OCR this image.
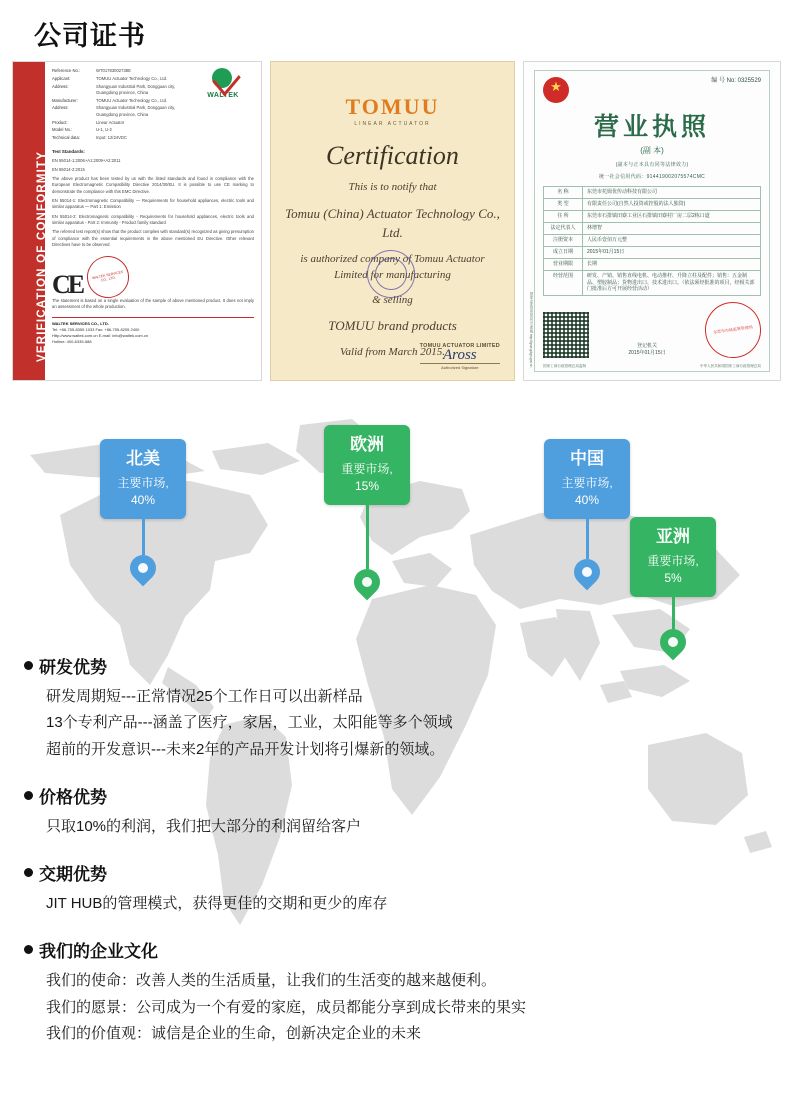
公司证书
VERIFICATION OF CONFORMITY
Reference No.:	WT01783002738E
Applicant:	TOMUU Actuator Technology Co., Ltd.
Address:	Shangyuan Industrial Park, Dongguan city, Guangdong province, China
Manufacturer:	TOMUU Actuator Technology Co., Ltd.
Address:	Shangyuan Industrial Park, Dongguan city, Guangdong province, China
Product:	Linear Actuator
Model No.:	U-1, U-2
Technical data:	Input: 12/24VDC
WALTEK
Test Standards:
EN 55014-1:2006+A1:2009+A2:2011
EN 55014-2:2015
The above product has been tested by us with the listed standards and found in compliance with the European Electromagnetic Compatibility Directive 2014/30/EU. It is possible to use CE marking to demonstrate the compliance with this EMC Directive.
EN 55014-1: Electromagnetic Compatibility — Requirements for household appliances, electric tools and similar apparatus — Part 1: Emission
EN 55014-2: Electromagnetic compatibility - Requirements for household appliances, electric tools and similar apparatus - Part 2: Immunity - Product family standard
The referred test report(s) show that the product complies with standard(s) recognized as giving presumption of compliance with the essential requirements in the above mentioned EU Directive. Other relevant Directives have to be observed.
CE	WALTEK SERVICES CO., LTD.
The statement is based on a single evaluation of the sample of above mentioned product. It does not imply an assessment of the whole production.
WALTEK SERVICES CO., LTD.
Tel: +86-755-8355 1033 Fax: +86-755-8205 2400
Http://www.waltek.com.cn E-mail: info@waltek.com.cn
Hotline: 400-6335-588
TOMUU
LINEAR ACTUATOR
Certification
This is to notify that
Tomuu (China) Actuator Technology Co., Ltd.
is authorized company of Tomuu Actuator Limited for manufacturing
& selling
TOMUU brand products
Valid from March 2015.
TOMUU ACTUATOR LIMITED
Aross
Authorized Signature
★
编 号 No: 0325529
营业执照
(副 本)
(副本与正本具有同等法律效力)
统一社会信用代码：914419002075574CMC
名 称	东莞市托姆优传动科技有限公司
类 型	有限责任公司(自然人投资或控股的法人独资)
住 所	东莞市石排镇田寮工业区石排镇田寮村厂房二层2栋口道
法定代表人	林增智
注册资本	人民币壹佰万元整
成立日期	2015年01月15日
营业期限	长期
经营范围	研发、产销、销售直线电机、电动推杆、升降立柱及配件；销售：五金制品、塑胶制品；货物进出口、技术进出口。（依法须经批准的项目，经相关部门批准后方可开展经营活动）
登记机关
2015年01月15日
东莞市市场监督管理局
国家工商行政管理总局监制	中华人民共和国国家工商行政管理总局
国家企业信用信息公示系统 http://gsxt.gdgs.gov.cn
北美
主要市场,
40%
欧洲
重要市场,
15%
中国
主要市场,
40%
亚洲
重要市场,
5%
研发优势
研发周期短---正常情况25个工作日可以出新样品
13个专利产品---涵盖了医疗，家居，工业，太阳能等多个领域
超前的开发意识---未来2年的产品开发计划将引爆新的领域。
价格优势
只取10%的利润，我们把大部分的利润留给客户
交期优势
JIT HUB的管理模式，获得更佳的交期和更少的库存
我们的企业文化
我们的使命：改善人类的生活质量，让我们的生活变的越来越便利。
我们的愿景：公司成为一个有爱的家庭，成员都能分享到成长带来的果实
我们的价值观：诚信是企业的生命，创新决定企业的未来
